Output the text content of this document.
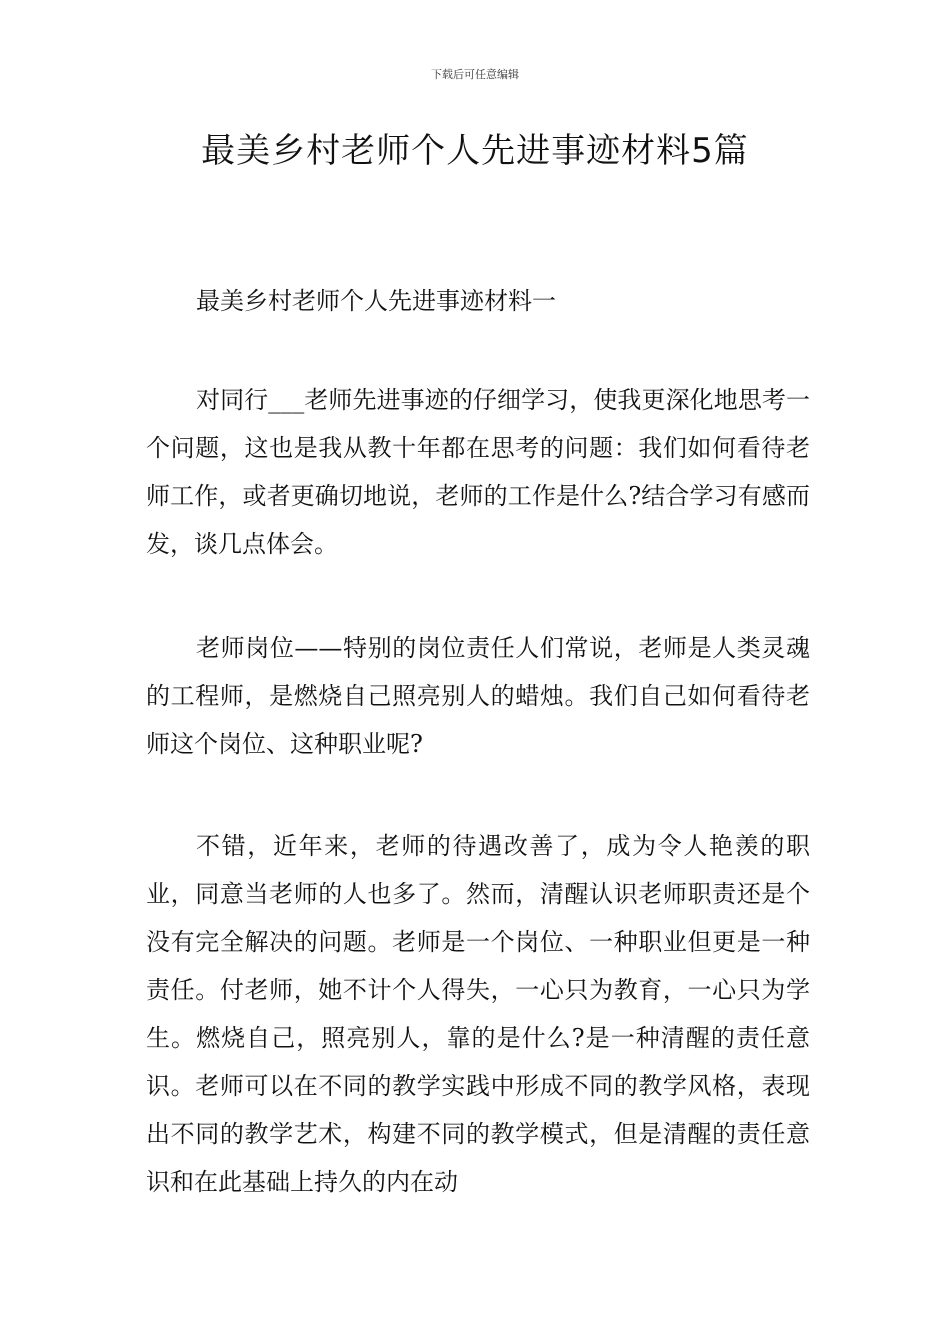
下载后可任意编辑
最美乡村老师个人先进事迹材料5篇
最美乡村老师个人先进事迹材料一

对同行___老师先进事迹的仔细学习，使我更深化地思考一个问题，这也是我从教十年都在思考的问题：我们如何看待老师工作，或者更确切地说，老师的工作是什么?结合学习有感而发，谈几点体会。

老师岗位——特别的岗位责任人们常说，老师是人类灵魂的工程师，是燃烧自己照亮别人的蜡烛。我们自己如何看待老师这个岗位、这种职业呢?

不错，近年来，老师的待遇改善了，成为令人艳羡的职业，同意当老师的人也多了。然而，清醒认识老师职责还是个没有完全解决的问题。老师是一个岗位、一种职业但更是一种责任。付老师，她不计个人得失，一心只为教育，一心只为学生。燃烧自己，照亮别人，靠的是什么?是一种清醒的责任意识。老师可以在不同的教学实践中形成不同的教学风格，表现出不同的教学艺术，构建不同的教学模式，但是清醒的责任意识和在此基础上持久的内在动
